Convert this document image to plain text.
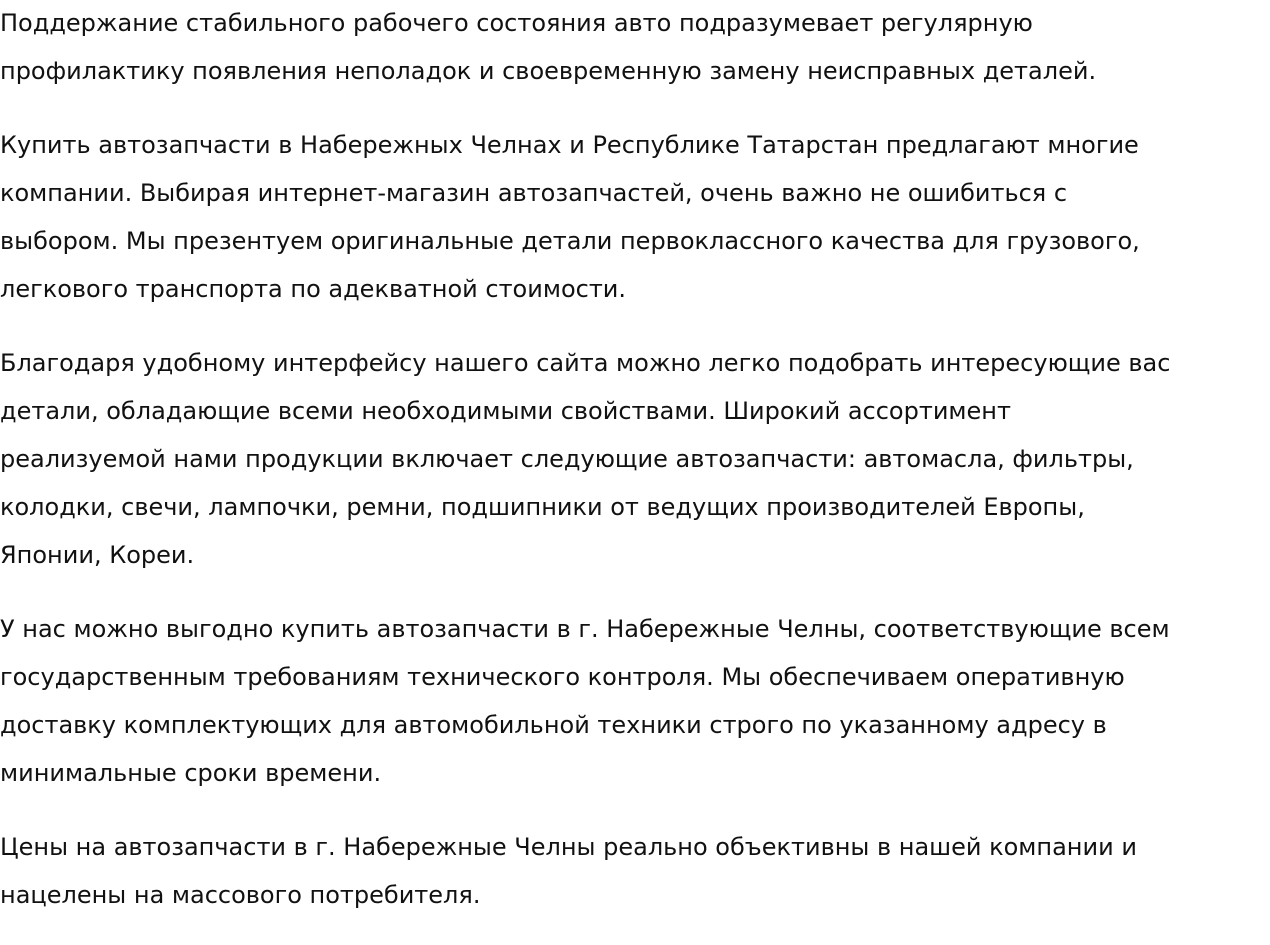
Поддержание стабильного рабочего состояния авто подразумевает регулярную
профилактику появления неполадок и своевременную замену неисправных деталей.

Купить автозапчасти в Набережных Челнах и Республике Татарстан предлагают многие
компании. Выбирая интернет-магазин автозапчастей, очень важно не ошибиться с
выбором. Мы презентуем оригинальные детали первоклассного качества для грузового,
легкового транспорта по адекватной стоимости.

Благодаря удобному интерфейсу нашего сайта можно легко подобрать интересующие вас
детали, обладающие всеми необходимыми свойствами. Широкий ассортимент
реализуемой нами продукции включает следующие автозапчасти: автомасла, фильтры,
колодки, свечи, лампочки, ремни, подшипники от ведущих производителей Европы,
Японии, Кореи.

У нас можно выгодно купить автозапчасти в г. Набережные Челны, соответствующие всем
государственным требованиям технического контроля. Мы обеспечиваем оперативную
доставку комплектующих для автомобильной техники строго по указанному адресу в
минимальные сроки времени.

Цены на автозапчасти в г. Набережные Челны реально объективны в нашей компании и
нацелены на массового потребителя.
